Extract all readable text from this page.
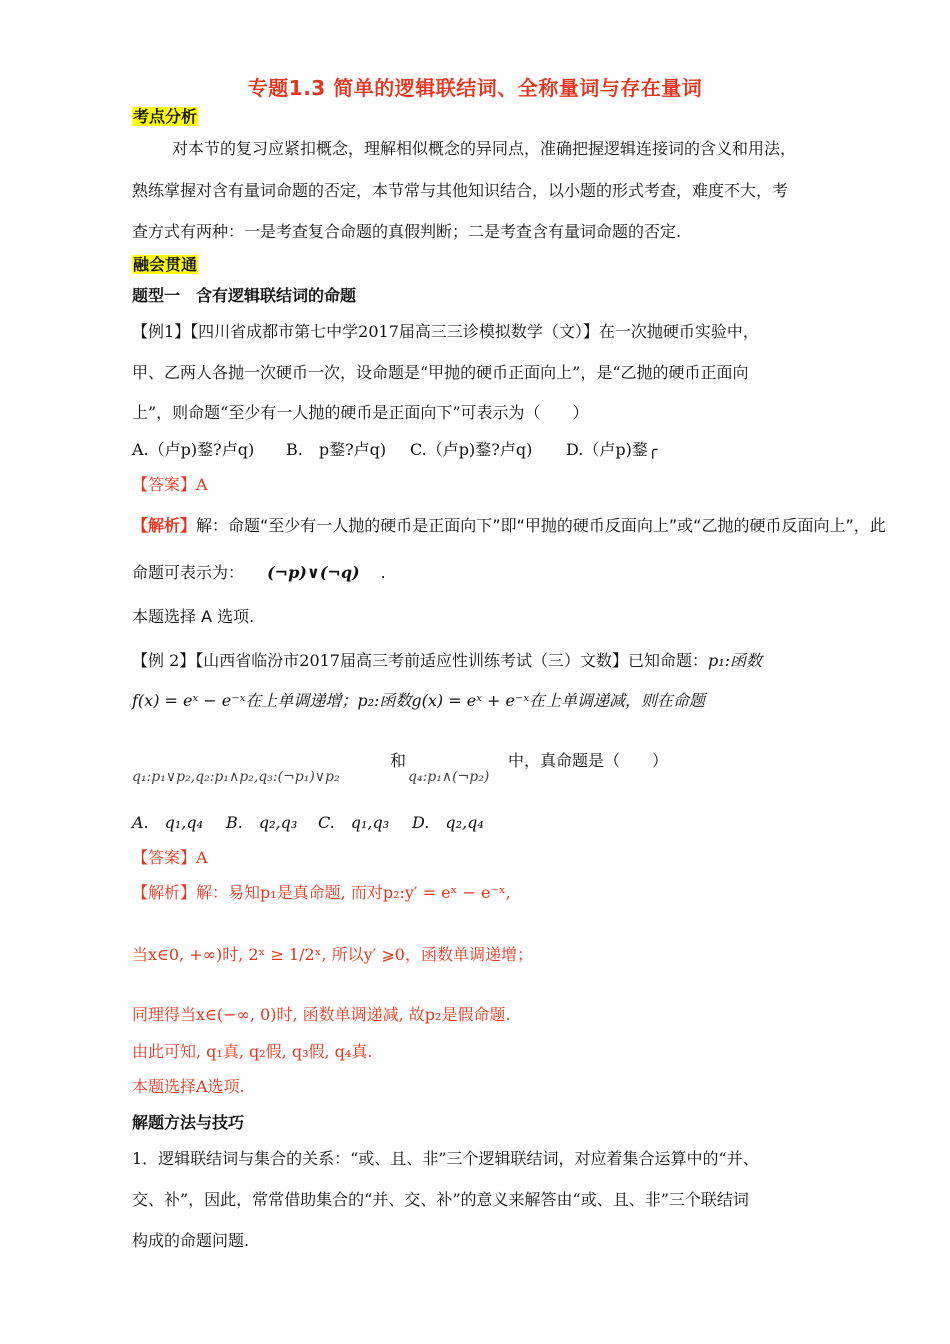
专题1.3 简单的逻辑联结词、全称量词与存在量词
考点分析
对本节的复习应紧扣概念，理解相似概念的异同点，准确把握逻辑连接词的含义和用法，
熟练掌握对含有量词命题的否定，本节常与其他知识结合，以小题的形式考查，难度不大，考
查方式有两种：一是考查复合命题的真假判断；二是考查含有量词命题的否定.
融会贯通
题型一　含有逻辑联结词的命题
【例1】【四川省成都市第七中学2017届高三三诊模拟数学（文）】在一次抛硬币实验中，
甲、乙两人各抛一次硬币一次，设命题是“甲抛的硬币正面向上”，是“乙抛的硬币正面向
上”，则命题“至少有一人抛的硬币是正面向下”可表示为（　　）
A.（卢p)鍪?卢q) B.　p鍪?卢q) C.（卢p)鍪?卢q) D.（卢p)鍪╭
【答案】A
【解析】解：命题“至少有一人抛的硬币是正面向下”即“甲抛的硬币反面向上”或“乙抛的硬币反面向上”，此
命题可表示为： (¬p)∨(¬q) .
本题选择 A 选项.
【例 2】【山西省临汾市2017届高三考前适应性训练考试（三）文数】已知命题：p₁:函数
f(x) = eˣ − e⁻ˣ在上单调递增；p₂:函数g(x) = eˣ + e⁻ˣ在上单调递减，则在命题
和
q₁:p₁∨p₂,q₂:p₁∧p₂,q₃:(¬p₁)∨p₂	q₄:p₁∧(¬p₂)
中，真命题是（　　）
A.　q₁,q₄ B.　q₂,q₃ C.　q₁,q₃ D.　q₂,q₄
【答案】A
【解析】解：易知p₁是真命题, 而对p₂:y′ = eˣ − e⁻ˣ,
当x∈0, +∞)时, 2ˣ ≥ 1/2ˣ, 所以y′ ⩾0，函数单调递增；
同理得当x∈(−∞, 0)时, 函数单调递减, 故p₂是假命题.
由此可知, q₁真, q₂假, q₃假, q₄真.
本题选择A选项.
解题方法与技巧
1．逻辑联结词与集合的关系：“或、且、非”三个逻辑联结词，对应着集合运算中的“并、
交、补”，因此，常常借助集合的“并、交、补”的意义来解答由“或、且、非”三个联结词
构成的命题问题.
